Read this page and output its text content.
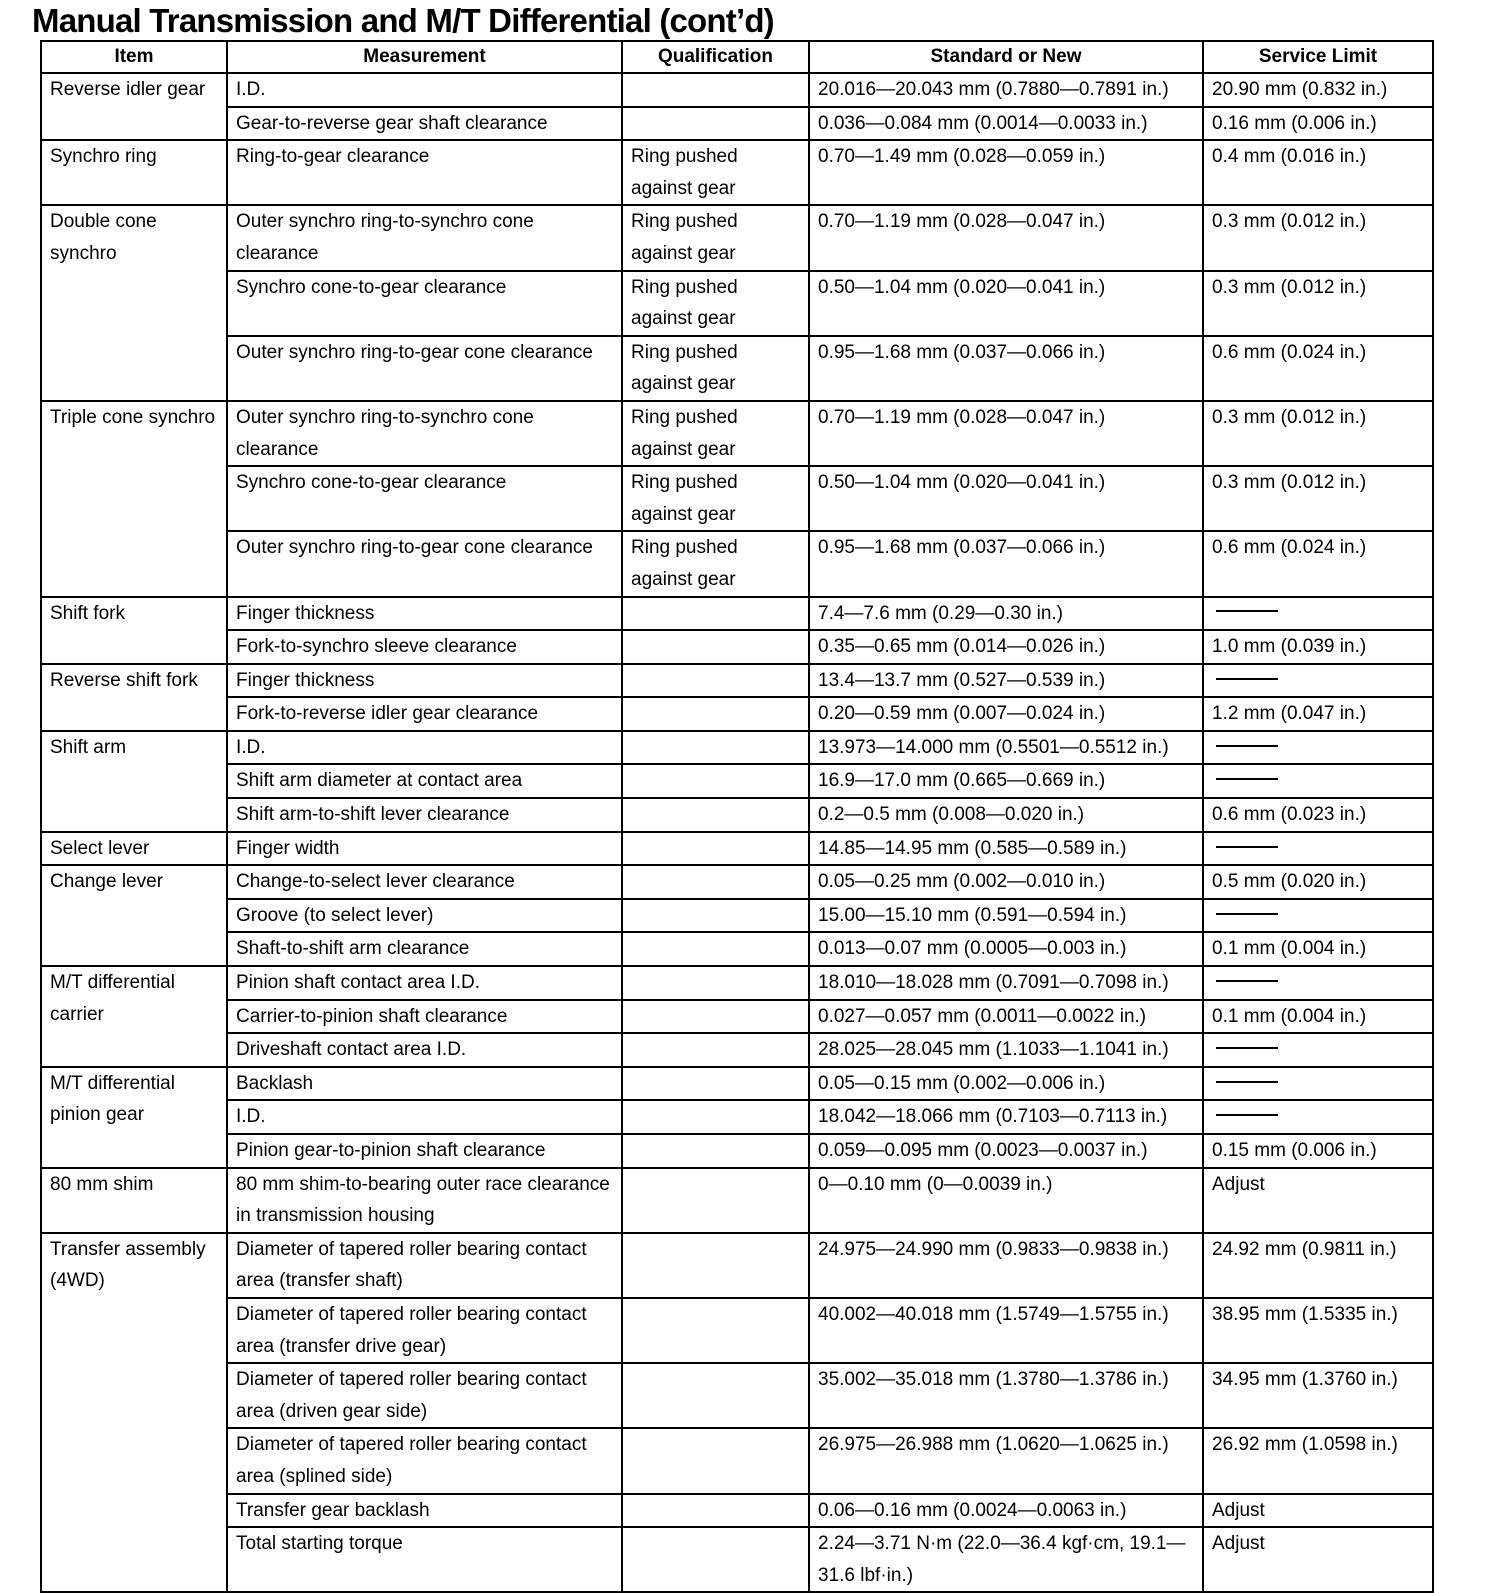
Manual Transmission and M/T Differential (cont’d)
Item	Measurement	Qualification	Standard or New	Service Limit
Reverse idler gear	I.D.		20.016—20.043 mm (0.7880—0.7891 in.)	20.90 mm (0.832 in.)
	Gear-to-reverse gear shaft clearance		0.036—0.084 mm (0.0014—0.0033 in.)	0.16 mm (0.006 in.)
Synchro ring	Ring-to-gear clearance	Ring pushed against gear	0.70—1.49 mm (0.028—0.059 in.)	0.4 mm (0.016 in.)
Double cone synchro	Outer synchro ring-to-synchro cone clearance	Ring pushed against gear	0.70—1.19 mm (0.028—0.047 in.)	0.3 mm (0.012 in.)
	Synchro cone-to-gear clearance	Ring pushed against gear	0.50—1.04 mm (0.020—0.041 in.)	0.3 mm (0.012 in.)
	Outer synchro ring-to-gear cone clearance	Ring pushed against gear	0.95—1.68 mm (0.037—0.066 in.)	0.6 mm (0.024 in.)
Triple cone synchro	Outer synchro ring-to-synchro cone clearance	Ring pushed against gear	0.70—1.19 mm (0.028—0.047 in.)	0.3 mm (0.012 in.)
	Synchro cone-to-gear clearance	Ring pushed against gear	0.50—1.04 mm (0.020—0.041 in.)	0.3 mm (0.012 in.)
	Outer synchro ring-to-gear cone clearance	Ring pushed against gear	0.95—1.68 mm (0.037—0.066 in.)	0.6 mm (0.024 in.)
Shift fork	Finger thickness		7.4—7.6 mm (0.29—0.30 in.)	
	Fork-to-synchro sleeve clearance		0.35—0.65 mm (0.014—0.026 in.)	1.0 mm (0.039 in.)
Reverse shift fork	Finger thickness		13.4—13.7 mm (0.527—0.539 in.)	
	Fork-to-reverse idler gear clearance		0.20—0.59 mm (0.007—0.024 in.)	1.2 mm (0.047 in.)
Shift arm	I.D.		13.973—14.000 mm (0.5501—0.5512 in.)	
	Shift arm diameter at contact area		16.9—17.0 mm (0.665—0.669 in.)	
	Shift arm-to-shift lever clearance		0.2—0.5 mm (0.008—0.020 in.)	0.6 mm (0.023 in.)
Select lever	Finger width		14.85—14.95 mm (0.585—0.589 in.)	
Change lever	Change-to-select lever clearance		0.05—0.25 mm (0.002—0.010 in.)	0.5 mm (0.020 in.)
	Groove (to select lever)		15.00—15.10 mm (0.591—0.594 in.)	
	Shaft-to-shift arm clearance		0.013—0.07 mm (0.0005—0.003 in.)	0.1 mm (0.004 in.)
M/T differential carrier	Pinion shaft contact area I.D.		18.010—18.028 mm (0.7091—0.7098 in.)	
	Carrier-to-pinion shaft clearance		0.027—0.057 mm (0.0011—0.0022 in.)	0.1 mm (0.004 in.)
	Driveshaft contact area I.D.		28.025—28.045 mm (1.1033—1.1041 in.)	
M/T differential pinion gear	Backlash		0.05—0.15 mm (0.002—0.006 in.)	
	I.D.		18.042—18.066 mm (0.7103—0.7113 in.)	
	Pinion gear-to-pinion shaft clearance		0.059—0.095 mm (0.0023—0.0037 in.)	0.15 mm (0.006 in.)
80 mm shim	80 mm shim-to-bearing outer race clearance in transmission housing		0—0.10 mm (0—0.0039 in.)	Adjust
Transfer assembly (4WD)	Diameter of tapered roller bearing contact area (transfer shaft)		24.975—24.990 mm (0.9833—0.9838 in.)	24.92 mm (0.9811 in.)
	Diameter of tapered roller bearing contact area (transfer drive gear)		40.002—40.018 mm (1.5749—1.5755 in.)	38.95 mm (1.5335 in.)
	Diameter of tapered roller bearing contact area (driven gear side)		35.002—35.018 mm (1.3780—1.3786 in.)	34.95 mm (1.3760 in.)
	Diameter of tapered roller bearing contact area (splined side)		26.975—26.988 mm (1.0620—1.0625 in.)	26.92 mm (1.0598 in.)
	Transfer gear backlash		0.06—0.16 mm (0.0024—0.0063 in.)	Adjust
	Total starting torque		2.24—3.71 N·m (22.0—36.4 kgf·cm, 19.1—31.6 lbf·in.)	Adjust
